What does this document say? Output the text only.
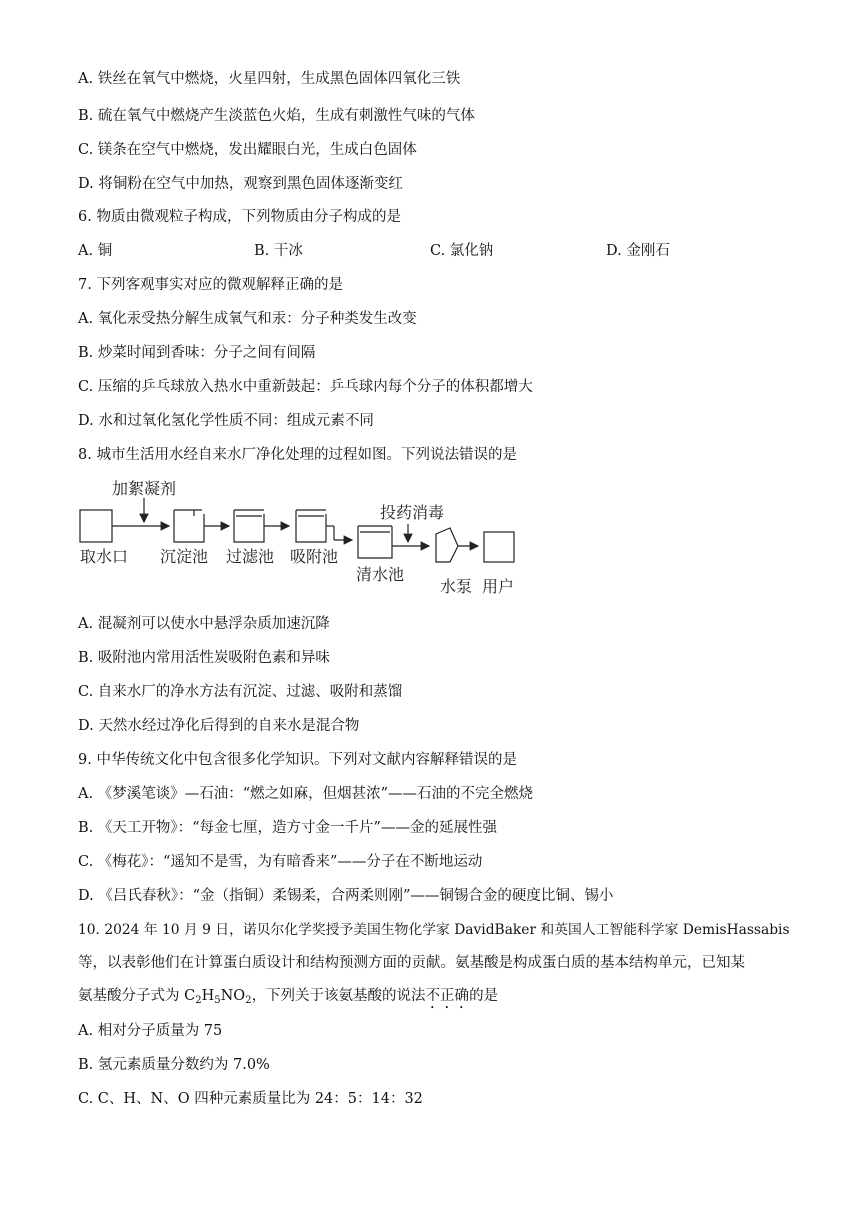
A. 铁丝在氧气中燃烧，火星四射，生成黑色固体四氧化三铁
B. 硫在氧气中燃烧产生淡蓝色火焰，生成有刺激性气味的气体
C. 镁条在空气中燃烧，发出耀眼白光，生成白色固体
D. 将铜粉在空气中加热，观察到黑色固体逐渐变红
6. 物质由微观粒子构成，下列物质由分子构成的是
A. 铜	B. 干冰	C. 氯化钠	D. 金刚石
7. 下列客观事实对应的微观解释正确的是
A. 氧化汞受热分解生成氧气和汞：分子种类发生改变
B. 炒菜时闻到香味：分子之间有间隔
C. 压缩的乒乓球放入热水中重新鼓起：乒乓球内每个分子的体积都增大
D. 水和过氧化氢化学性质不同：组成元素不同
8. 城市生活用水经自来水厂净化处理的过程如图。下列说法错误的是
加絮凝剂
取水口 沉淀池 过滤池 吸附池
投药消毒
清水池
水泵 用户
A. 混凝剂可以使水中悬浮杂质加速沉降
B. 吸附池内常用活性炭吸附色素和异味
C. 自来水厂的净水方法有沉淀、过滤、吸附和蒸馏
D. 天然水经过净化后得到的自来水是混合物
9. 中华传统文化中包含很多化学知识。下列对文献内容解释错误的是
A. 《梦溪笔谈》—石油：“燃之如麻，但烟甚浓”——石油的不完全燃烧
B. 《天工开物》：“每金七厘，造方寸金一千片”——金的延展性强
C. 《梅花》：“遥知不是雪，为有暗香来”——分子在不断地运动
D. 《吕氏春秋》：“金（指铜）柔锡柔，合两柔则刚”——铜锡合金的硬度比铜、锡小
10. 2024 年 10 月 9 日，诺贝尔化学奖授予美国生物化学家 DavidBaker 和英国人工智能科学家 DemisHassabis
等，以表彰他们在计算蛋白质设计和结构预测方面的贡献。氨基酸是构成蛋白质的基本结构单元，已知某
氨基酸分子式为 $C_2H_5NO_2$，下列关于该氨基酸的说法不正确的是
A. 相对分子质量为 75
B. 氢元素质量分数约为 7.0%
C. C、H、N、O 四种元素质量比为 24：5：14：32
